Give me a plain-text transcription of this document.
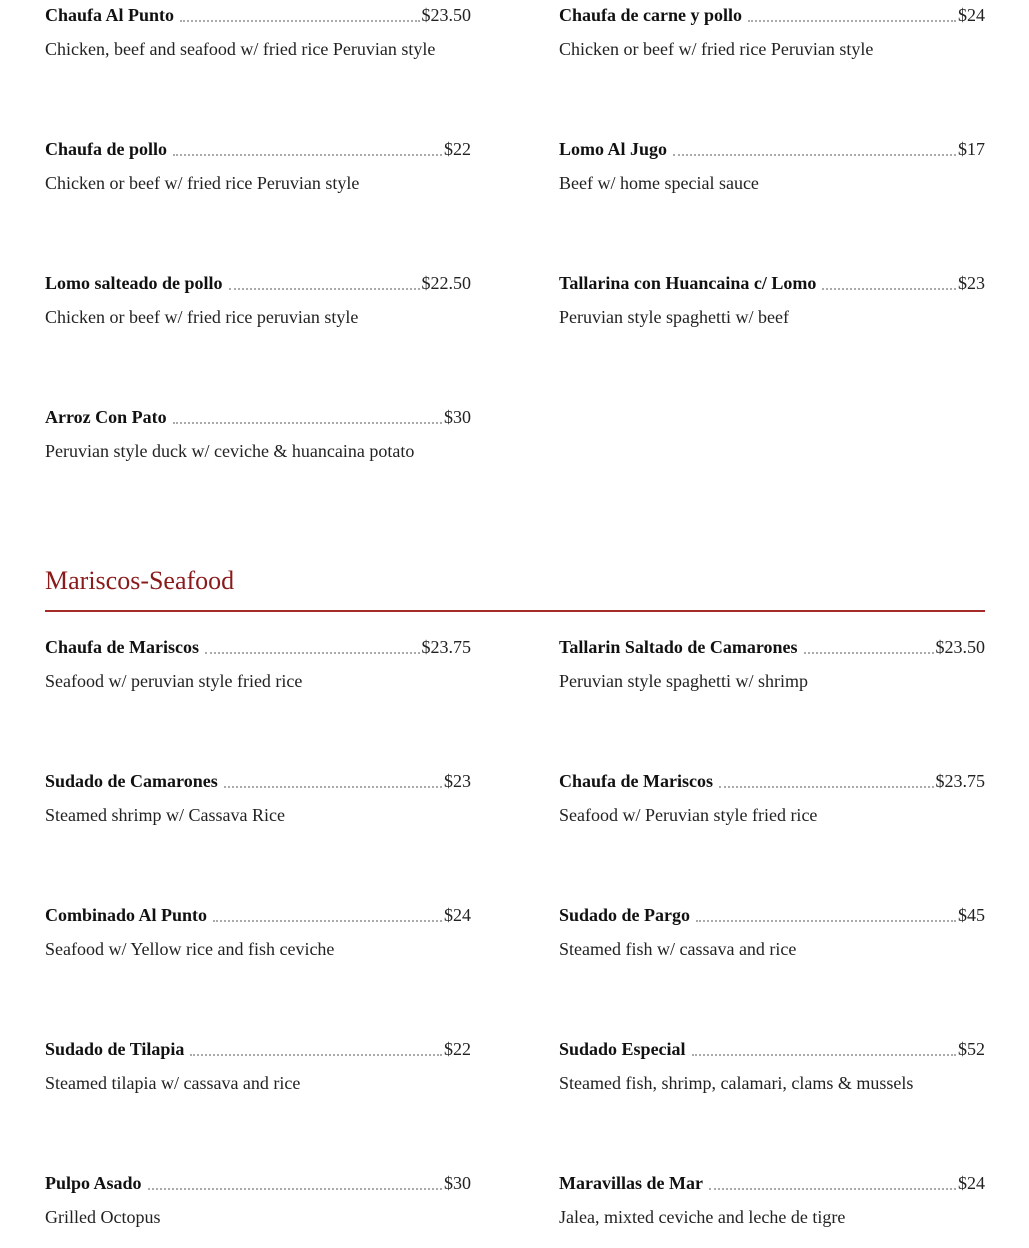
Chaufa Al Punto	$23.50
Chicken, beef and seafood w/ fried rice Peruvian style
Chaufa de carne y pollo	$24
Chicken or beef w/ fried rice Peruvian style
Chaufa de pollo	$22
Chicken or beef w/ fried rice Peruvian style
Lomo Al Jugo	$17
Beef w/ home special sauce
Lomo salteado de pollo	$22.50
Chicken or beef w/ fried rice peruvian style
Tallarina con Huancaina c/ Lomo	$23
Peruvian style spaghetti w/ beef
Arroz Con Pato	$30
Peruvian style duck w/ ceviche & huancaina potato
Mariscos-Seafood
Chaufa de Mariscos	$23.75
Seafood w/ peruvian style fried rice
Tallarin Saltado de Camarones	$23.50
Peruvian style spaghetti w/ shrimp
Sudado de Camarones	$23
Steamed shrimp w/ Cassava Rice
Chaufa de Mariscos	$23.75
Seafood w/ Peruvian style fried rice
Combinado Al Punto	$24
Seafood w/ Yellow rice and fish ceviche
Sudado de Pargo	$45
Steamed fish w/ cassava and rice
Sudado de Tilapia	$22
Steamed tilapia w/ cassava and rice
Sudado Especial	$52
Steamed fish, shrimp, calamari, clams & mussels
Pulpo Asado	$30
Grilled Octopus
Maravillas de Mar	$24
Jalea, mixted ceviche and leche de tigre
